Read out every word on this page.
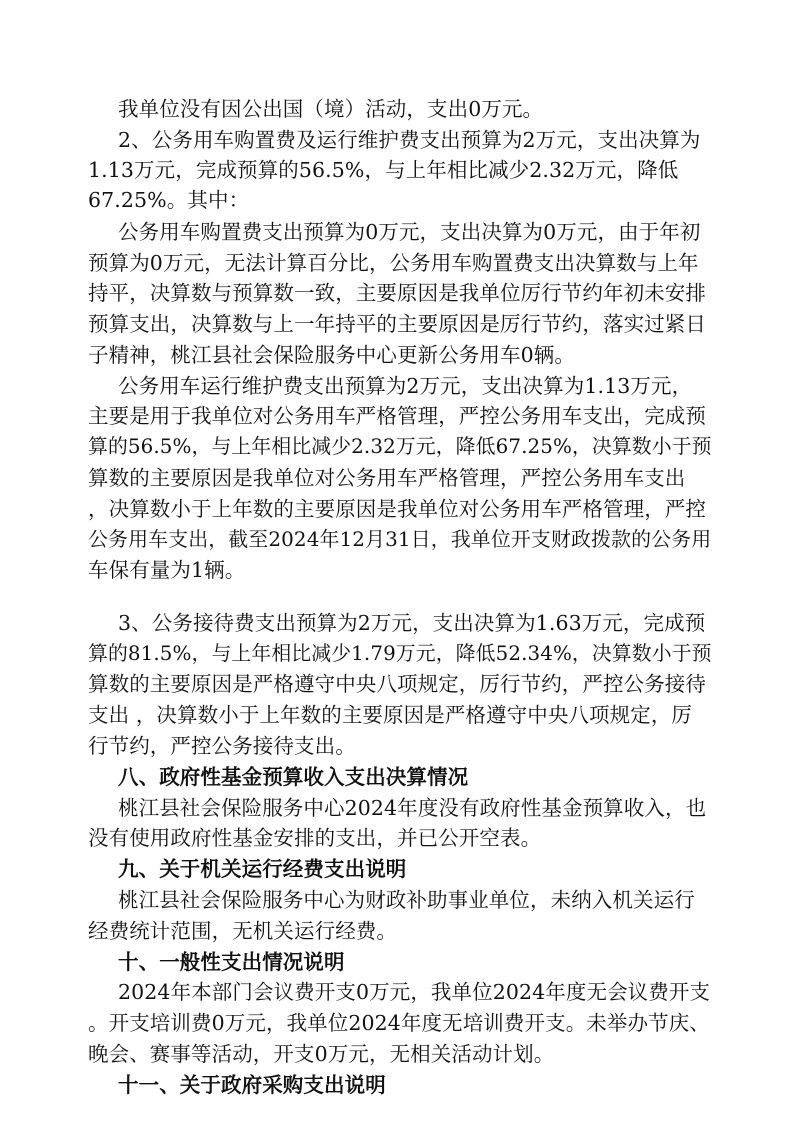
我单位没有因公出国（境）活动，支出0万元。
2、公务用车购置费及运行维护费支出预算为2万元，支出决算为
1.13万元，完成预算的56.5%，与上年相比减少2.32万元，降低
67.25%。其中：
公务用车购置费支出预算为0万元，支出决算为0万元，由于年初
预算为0万元，无法计算百分比，公务用车购置费支出决算数与上年
持平，决算数与预算数一致，主要原因是我单位厉行节约年初未安排
预算支出，决算数与上一年持平的主要原因是厉行节约，落实过紧日
子精神，桃江县社会保险服务中心更新公务用车0辆。
公务用车运行维护费支出预算为2万元，支出决算为1.13万元，
主要是用于我单位对公务用车严格管理，严控公务用车支出，完成预
算的56.5%，与上年相比减少2.32万元，降低67.25%，决算数小于预
算数的主要原因是我单位对公务用车严格管理，严控公务用车支出
，决算数小于上年数的主要原因是我单位对公务用车严格管理，严控
公务用车支出，截至2024年12月31日，我单位开支财政拨款的公务用
车保有量为1辆。
3、公务接待费支出预算为2万元，支出决算为1.63万元，完成预
算的81.5%，与上年相比减少1.79万元，降低52.34%，决算数小于预
算数的主要原因是严格遵守中央八项规定，厉行节约，严控公务接待
支出 ，决算数小于上年数的主要原因是严格遵守中央八项规定，厉
行节约，严控公务接待支出。
八、政府性基金预算收入支出决算情况
桃江县社会保险服务中心2024年度没有政府性基金预算收入，也
没有使用政府性基金安排的支出，并已公开空表。
九、关于机关运行经费支出说明
桃江县社会保险服务中心为财政补助事业单位，未纳入机关运行
经费统计范围，无机关运行经费。
十、一般性支出情况说明
2024年本部门会议费开支0万元，我单位2024年度无会议费开支
。开支培训费0万元，我单位2024年度无培训费开支。未举办节庆、
晚会、赛事等活动，开支0万元，无相关活动计划。
十一、关于政府采购支出说明
